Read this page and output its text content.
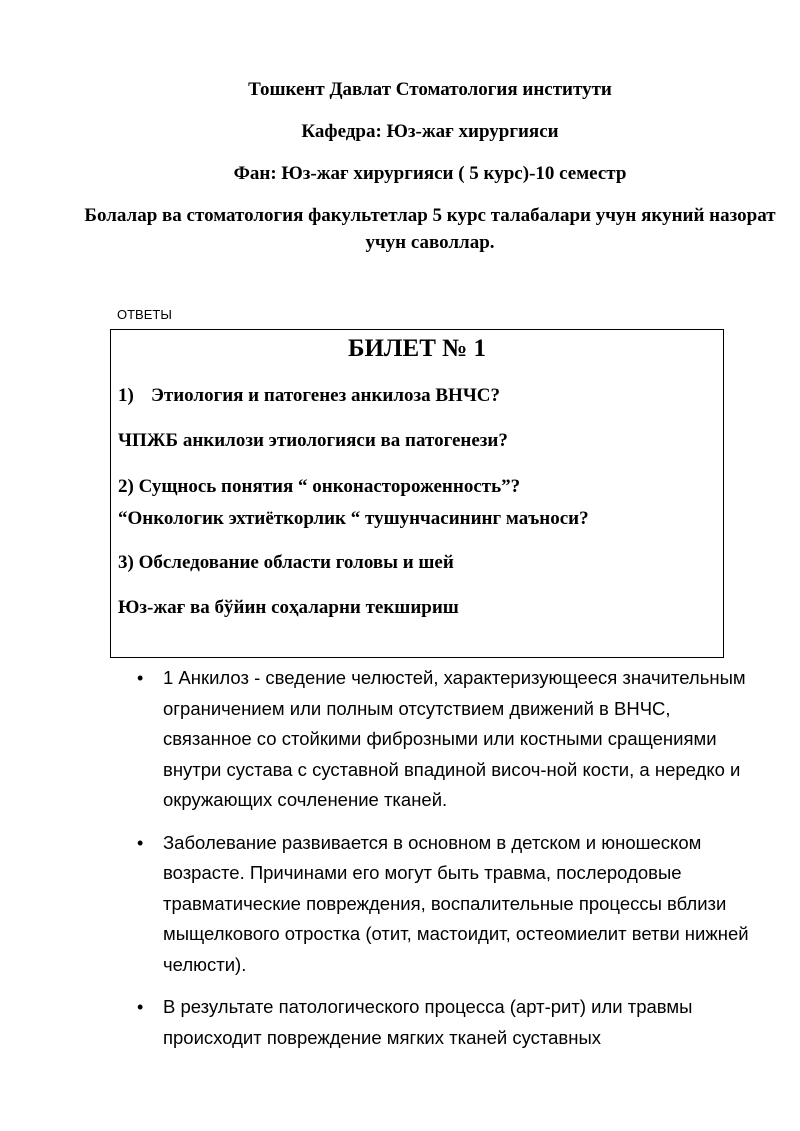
Тошкент Давлат Стоматология институти
Кафедра: Юз-жағ хирургияси
Фан: Юз-жағ хирургияси ( 5 курс)-10 семестр
Болалар ва стоматология факультетлар 5 курс талабалари учун якуний назорат учун саволлар.
ОТВЕТЫ
БИЛЕТ № 1
1) Этиология и патогенез анкилоза ВНЧС?
ЧПЖБ анкилози этиологияси ва патогенези?
2) Сущнось понятия “ онконастороженность”?
“Онкологик эхтиёткорлик “ тушунчасининг маъноси?
3) Обследование области головы и шей
Юз-жағ ва бўйин соҳаларни текшириш
• 1 Анкилоз - сведение челюстей, характеризующееся значительным ограничением или полным отсутствием движений в ВНЧС, связанное со стойкими фиброзными или костными сращениями внутри сустава с суставной впадиной височ-ной кости, а нередко и окружающих сочленение тканей.
• Заболевание развивается в основном в детском и юношеском возрасте. Причинами его могут быть травма, послеродовые травматические повреждения, воспалительные процессы вблизи мыщелкового отростка (отит, мастоидит, остеомиелит ветви нижней челюсти).
• В результате патологического процесса (арт-рит) или травмы происходит повреждение мягких тканей суставных
